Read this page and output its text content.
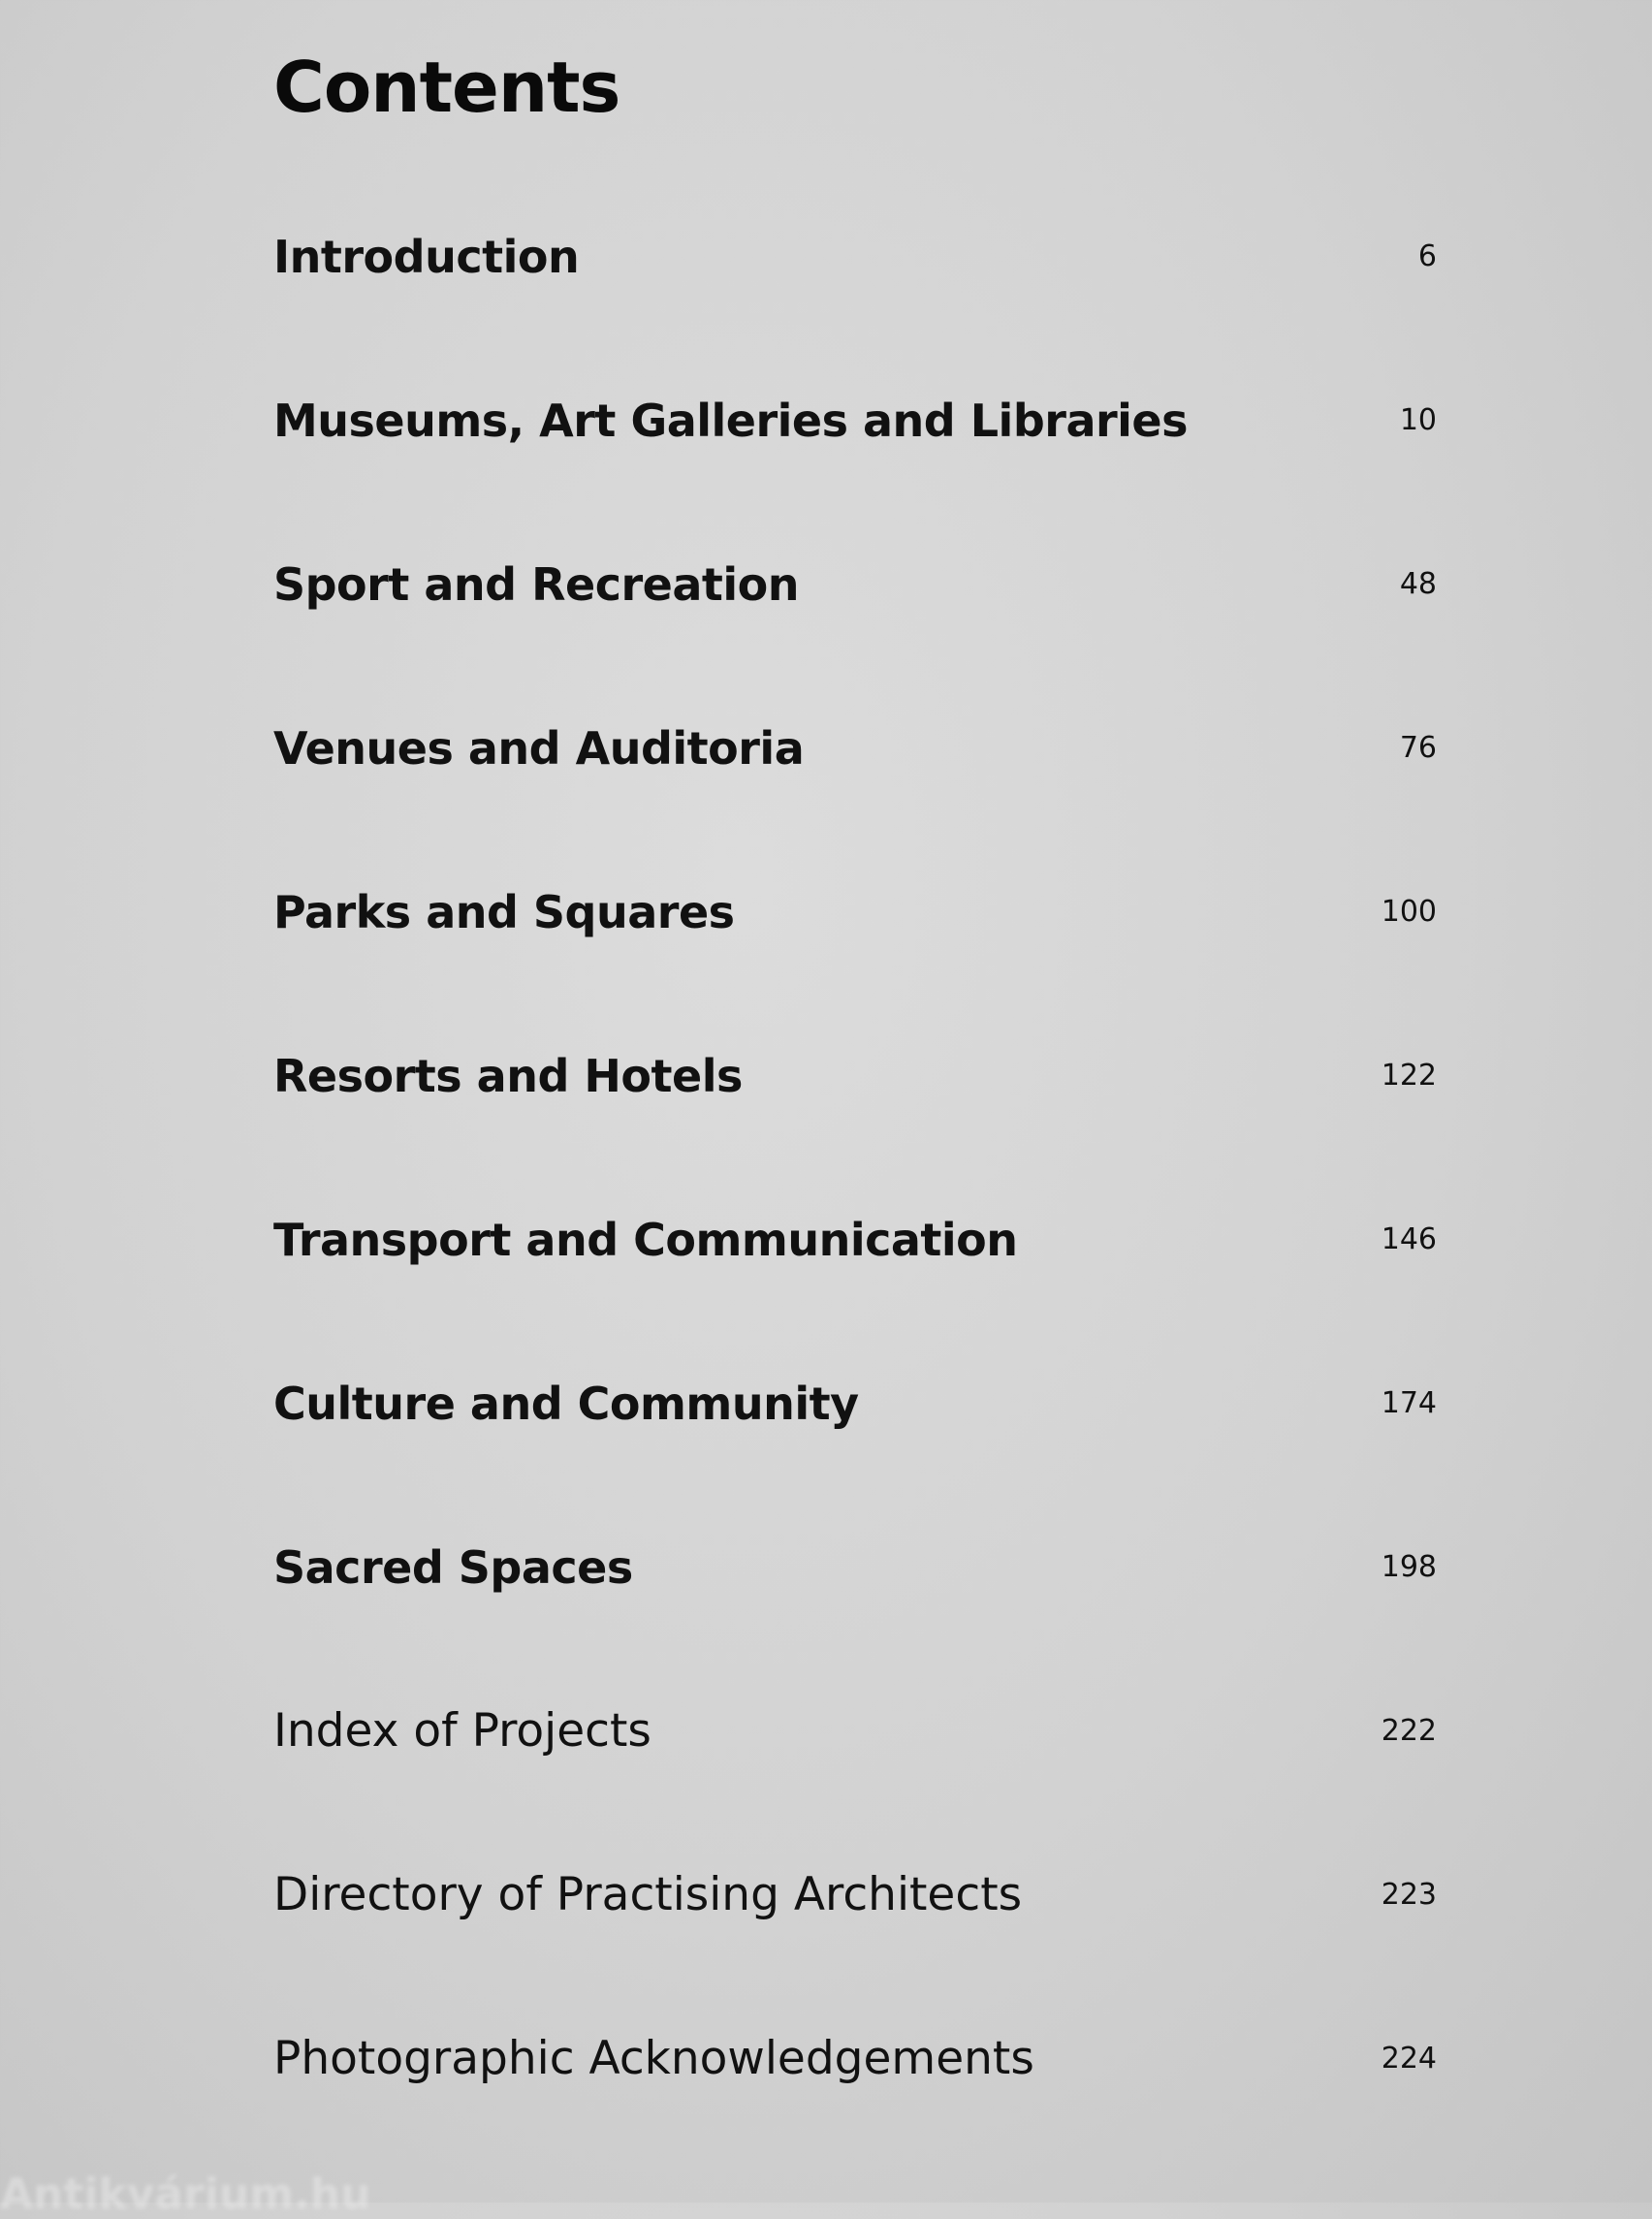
Contents
Introduction	6
Museums, Art Galleries and Libraries	10
Sport and Recreation	48
Venues and Auditoria	76
Parks and Squares	100
Resorts and Hotels	122
Transport and Communication	146
Culture and Community	174
Sacred Spaces	198
Index of Projects	222
Directory of Practising Architects	223
Photographic Acknowledgements	224
Antikvárium.hu
